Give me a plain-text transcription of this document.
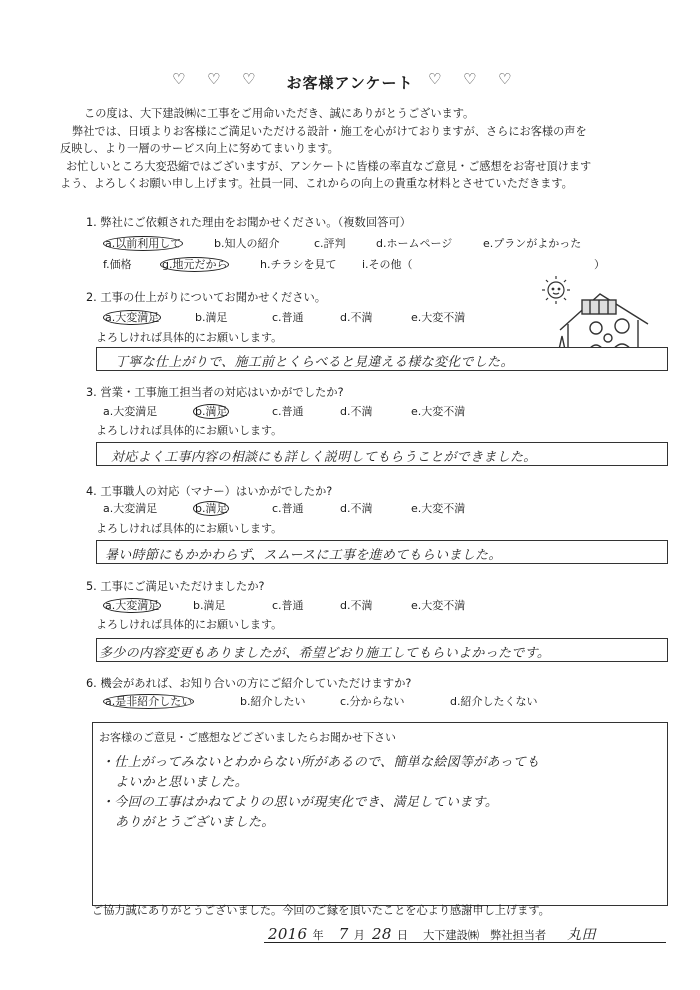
♡ ♡ ♡	お客様アンケート ♡ ♡ ♡
この度は、大下建設㈱に工事をご用命いただき、誠にありがとうございます。
弊社では、日頃よりお客様にご満足いただける設計・施工を心がけておりますが、さらにお客様の声を
反映し、より一層のサービス向上に努めてまいります。
お忙しいところ大変恐縮ではございますが、アンケートに皆様の率直なご意見・ご感想をお寄せ頂けます
よう、よろしくお願い申し上げます。社員一同、これからの向上の貴重な材料とさせていただきます。
1. 弊社にご依頼された理由をお聞かせください。（複数回答可）
a.以前利用して	b.知人の紹介	c.評判	d.ホームページ	e.プランがよかった
f.価格	g.地元だから	h.チラシを見て i.その他（	）
2. 工事の仕上がりについてお聞かせください。
a.大変満足	b.満足	c.普通	d.不満	e.大変不満
よろしければ具体的にお願いします。
丁寧な仕上がりで、施工前とくらべると見違える様な変化でした。
3. 営業・工事施工担当者の対応はいかがでしたか?
a.大変満足	b.満足	c.普通	d.不満	e.大変不満
よろしければ具体的にお願いします。
対応よく工事内容の相談にも詳しく説明してもらうことができました。
4. 工事職人の対応（マナー）はいかがでしたか?
a.大変満足	b.満足	c.普通	d.不満	e.大変不満
よろしければ具体的にお願いします。
暑い時節にもかかわらず、スムースに工事を進めてもらいました。
5. 工事にご満足いただけましたか?
a.大変満足	b.満足	c.普通	d.不満	e.大変不満
よろしければ具体的にお願いします。
多少の内容変更もありましたが、希望どおり施工してもらいよかったです。
6. 機会があれば、お知り合いの方にご紹介していただけますか?
a.是非紹介したい	b.紹介したい	c.分からない	d.紹介したくない
お客様のご意見・ご感想などございましたらお聞かせ下さい
・仕上がってみないとわからない所があるので、簡単な絵図等があっても
よいかと思いました。
・今回の工事はかねてよりの思いが現実化でき、満足しています。
ありがとうございました。
ご協力誠にありがとうございました。今回のご縁を頂いたことを心より感謝申し上げます。
2016 年 7 月 28 日 大下建設㈱ 弊社担当者 丸田
